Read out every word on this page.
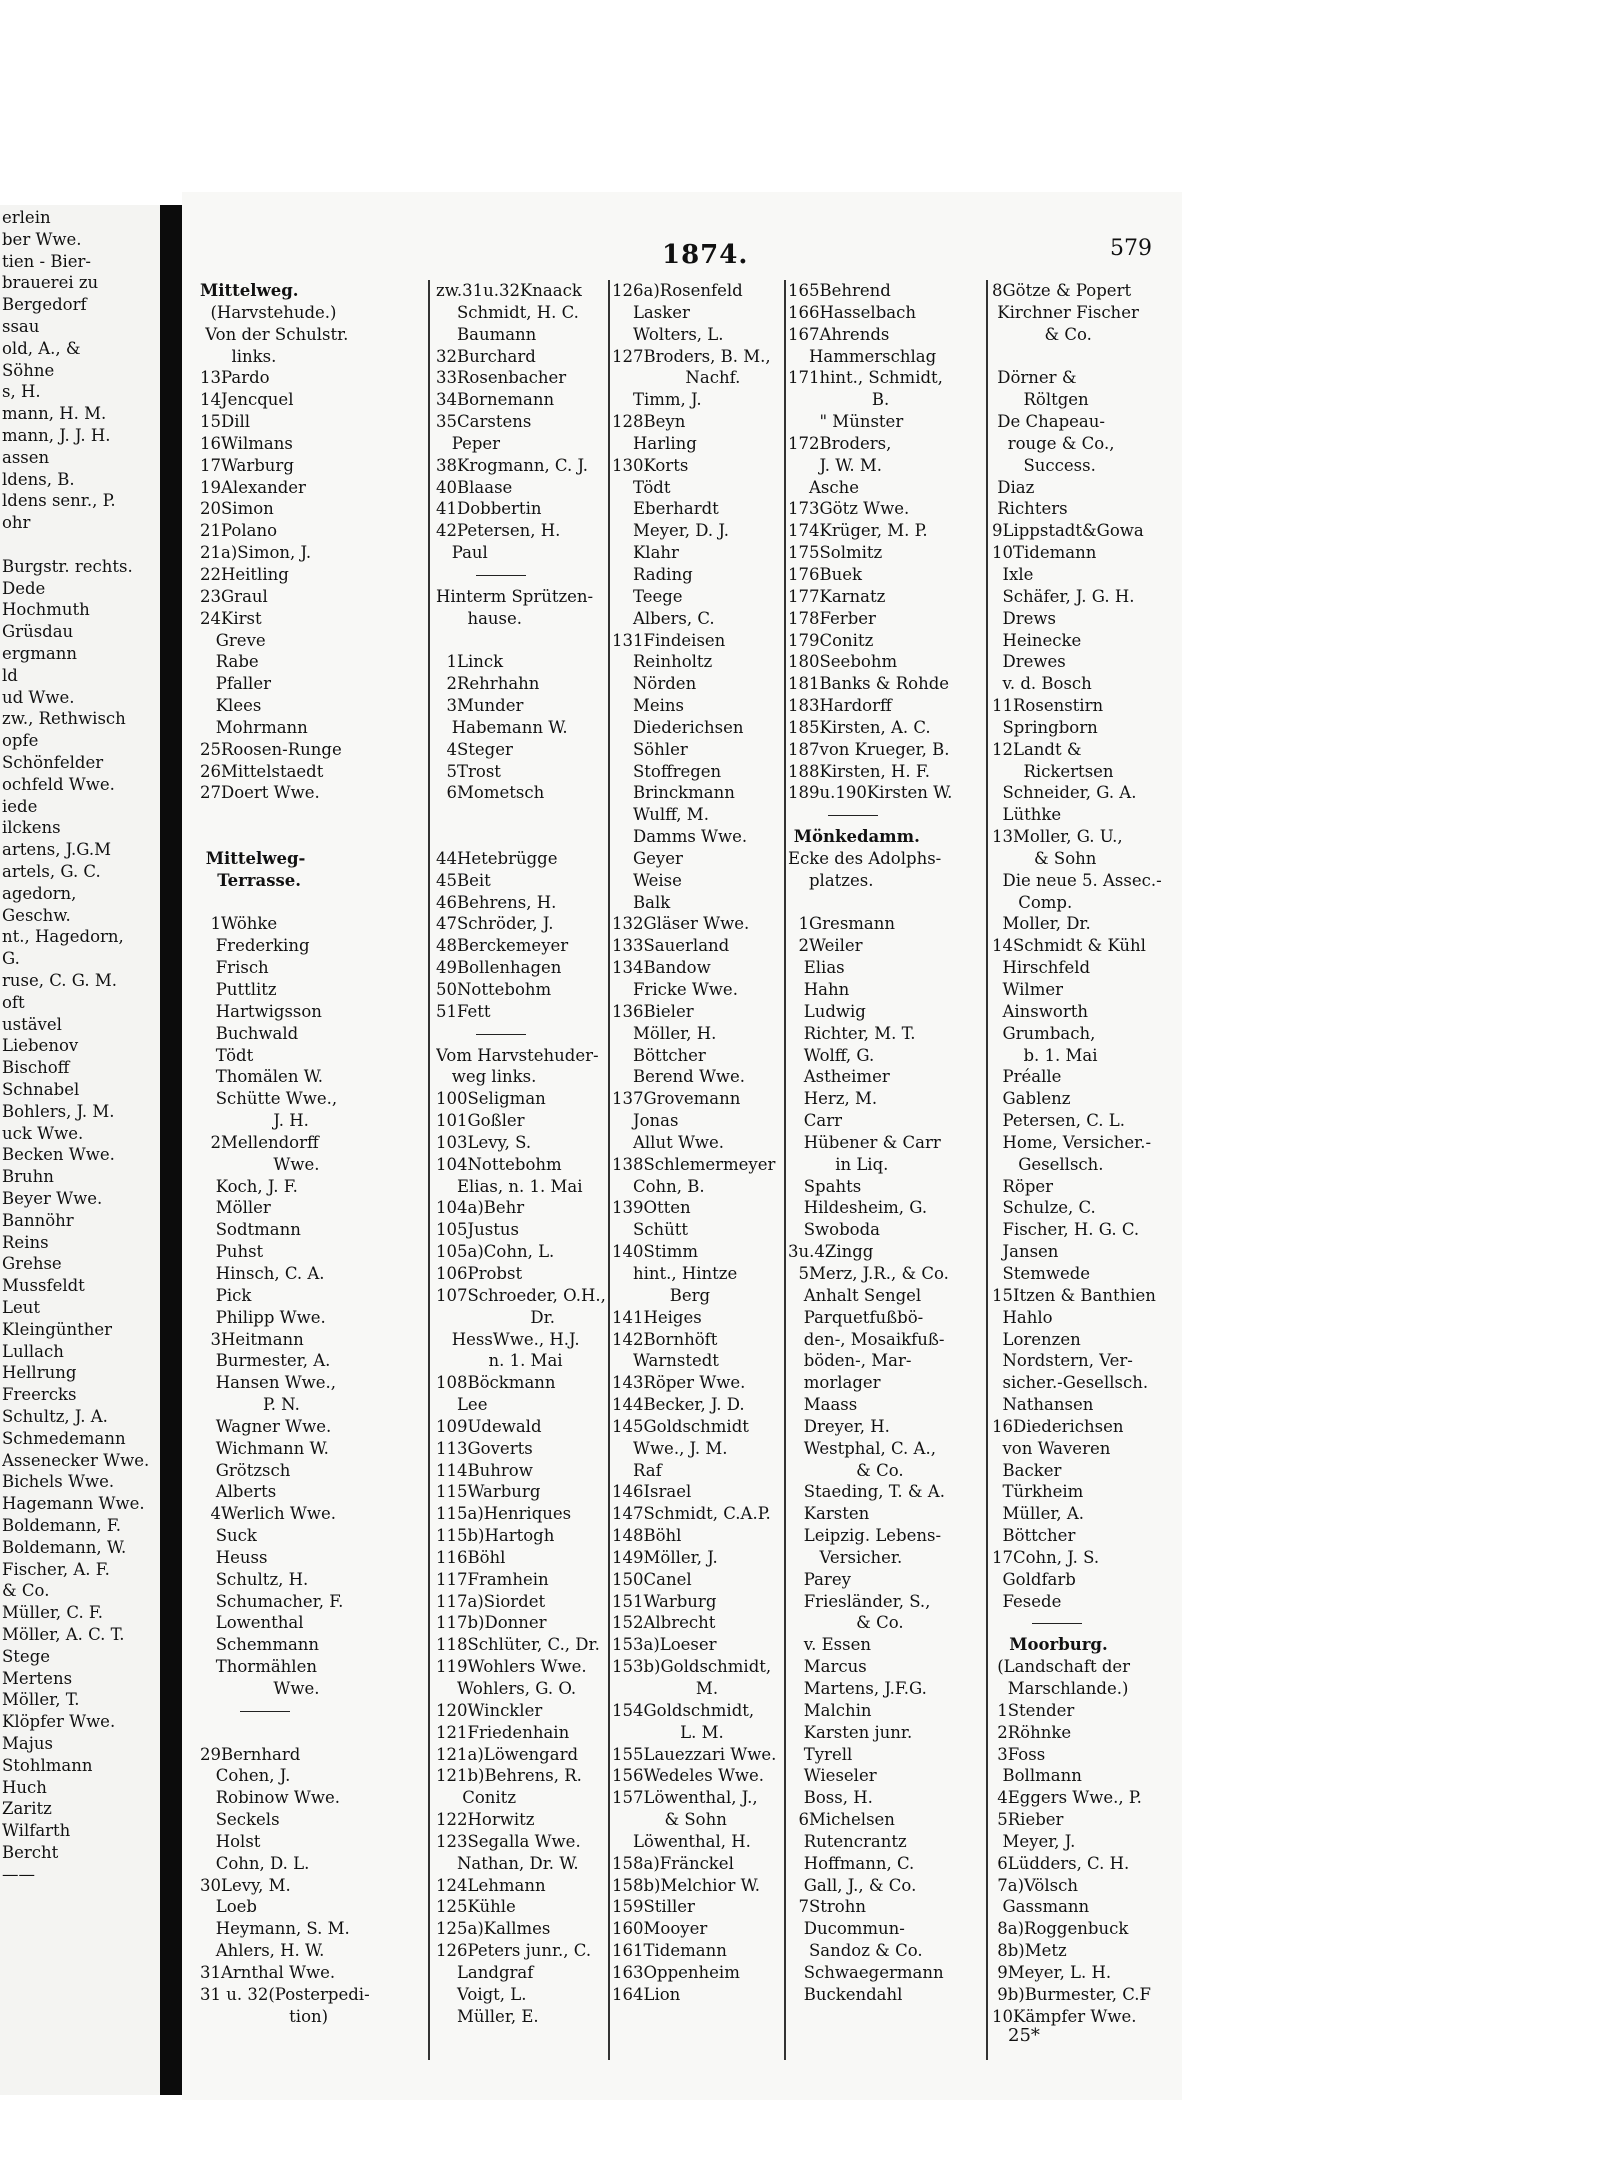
erlein
ber Wwe.
tien - Bier-
brauerei zu
Bergedorf
ssau
old, A., &
Söhne
s, H.
mann, H. M.
mann, J. J. H.
assen
ldens, B.
ldens senr., P.
ohr
Burgstr. rechts.
Dede
Hochmuth
Grüsdau
ergmann
ld
ud Wwe.
zw., Rethwisch
opfe
Schönfelder
ochfeld Wwe.
iede
ilckens
artens, J.G.M
artels, G. C.
agedorn,
Geschw.
nt., Hagedorn,
G.
ruse, C. G. M.
oft
ustävel
Liebenov
Bischoff
Schnabel
Bohlers, J. M.
uck Wwe.
Becken Wwe.
Bruhn
Beyer Wwe.
Bannöhr
Reins
Grehse
Mussfeldt
Leut
Kleingünther
Lullach
Hellrung
Freercks
Schultz, J. A.
Schmedemann
Assenecker Wwe.
Bichels Wwe.
Hagemann Wwe.
Boldemann, F.
Boldemann, W.
Fischer, A. F.
& Co.
Müller, C. F.
Möller, A. C. T.
Stege
Mertens
Möller, T.
Klöpfer Wwe.
Majus
Stohlmann
Huch
Zaritz
Wilfarth
Bercht
——
1874.	579
Mittelweg.
(Harvstehude.)
Von der Schulstr.
links.
13Pardo
14Jencquel
15Dill
16Wilmans
17Warburg
19Alexander
20Simon
21Polano
21a)Simon, J.
22Heitling
23Graul
24Kirst
Greve
Rabe
Pfaller
Klees
Mohrmann
25Roosen-Runge
26Mittelstaedt
27Doert Wwe.

Mittelweg-
Terrasse.

1Wöhke
Frederking
Frisch
Puttlitz
Hartwigsson
Buchwald
Tödt
Thomälen W.
Schütte Wwe.,
J. H.
2Mellendorff
Wwe.
Koch, J. F.
Möller
Sodtmann
Puhst
Hinsch, C. A.
Pick
Philipp Wwe.
3Heitmann
Burmester, A.
Hansen Wwe.,
P. N.
Wagner Wwe.
Wichmann W.
Grötzsch
Alberts
4Werlich Wwe.
Suck
Heuss
Schultz, H.
Schumacher, F.
Lowenthal
Schemmann
Thormählen
Wwe.

29Bernhard
Cohen, J.
Robinow Wwe.
Seckels
Holst
Cohn, D. L.
30Levy, M.
Loeb
Heymann, S. M.
Ahlers, H. W.
31Arnthal Wwe.
31 u. 32(Posterpedi-
tion)
zw.31u.32Knaack
Schmidt, H. C.
Baumann
32Burchard
33Rosenbacher
34Bornemann
35Carstens
Peper
38Krogmann, C. J.
40Blaase
41Dobbertin
42Petersen, H.
Paul

Hinterm Sprützen-
hause.

1Linck
2Rehrhahn
3Munder
Habemann W.
4Steger
5Trost
6Mometsch

44Hetebrügge
45Beit
46Behrens, H.
47Schröder, J.
48Berckemeyer
49Bollenhagen
50Nottebohm
51Fett

Vom Harvstehuder-
weg links.
100Seligman
101Goßler
103Levy, S.
104Nottebohm
Elias, n. 1. Mai
104a)Behr
105Justus
105a)Cohn, L.
106Probst
107Schroeder, O.H.,
Dr.
HessWwe., H.J.
n. 1. Mai
108Böckmann
Lee
109Udewald
113Goverts
114Buhrow
115Warburg
115a)Henriques
115b)Hartogh
116Böhl
117Framhein
117a)Siordet
117b)Donner
118Schlüter, C., Dr.
119Wohlers Wwe.
Wohlers, G. O.
120Winckler
121Friedenhain
121a)Löwengard
121b)Behrens, R.
Conitz
122Horwitz
123Segalla Wwe.
Nathan, Dr. W.
124Lehmann
125Kühle
125a)Kallmes
126Peters junr., C.
Landgraf
Voigt, L.
Müller, E.
126a)Rosenfeld
Lasker
Wolters, L.
127Broders, B. M.,
Nachf.
Timm, J.
128Beyn
Harling
130Korts
Tödt
Eberhardt
Meyer, D. J.
Klahr
Rading
Teege
Albers, C.
131Findeisen
Reinholtz
Nörden
Meins
Diederichsen
Söhler
Stoffregen
Brinckmann
Wulff, M.
Damms Wwe.
Geyer
Weise
Balk
132Gläser Wwe.
133Sauerland
134Bandow
Fricke Wwe.
136Bieler
Möller, H.
Böttcher
Berend Wwe.
137Grovemann
Jonas
Allut Wwe.
138Schlemermeyer
Cohn, B.
139Otten
Schütt
140Stimm
hint., Hintze
Berg
141Heiges
142Bornhöft
Warnstedt
143Röper Wwe.
144Becker, J. D.
145Goldschmidt
Wwe., J. M.
Raf
146Israel
147Schmidt, C.A.P.
148Böhl
149Möller, J.
150Canel
151Warburg
152Albrecht
153a)Loeser
153b)Goldschmidt,
M.
154Goldschmidt,
L. M.
155Lauezzari Wwe.
156Wedeles Wwe.
157Löwenthal, J.,
& Sohn
Löwenthal, H.
158a)Fränckel
158b)Melchior W.
159Stiller
160Mooyer
161Tidemann
163Oppenheim
164Lion
165Behrend
166Hasselbach
167Ahrends
Hammerschlag
171hint., Schmidt,
B.
" Münster
172Broders,
J. W. M.
Asche
173Götz Wwe.
174Krüger, M. P.
175Solmitz
176Buek
177Karnatz
178Ferber
179Conitz
180Seebohm
181Banks & Rohde
183Hardorff
185Kirsten, A. C.
187von Krueger, B.
188Kirsten, H. F.
189u.190Kirsten W.

Mönkedamm.
Ecke des Adolphs-
platzes.

1Gresmann
2Weiler
Elias
Hahn
Ludwig
Richter, M. T.
Wolff, G.
Astheimer
Herz, M.
Carr
Hübener & Carr
in Liq.
Spahts
Hildesheim, G.
Swoboda
3u.4Zingg
5Merz, J.R., & Co.
Anhalt Sengel
Parquetfußbö-
den-, Mosaikfuß-
böden-, Mar-
morlager
Maass
Dreyer, H.
Westphal, C. A.,
& Co.
Staeding, T. & A.
Karsten
Leipzig. Lebens-
Versicher.
Parey
Friesländer, S.,
& Co.
v. Essen
Marcus
Martens, J.F.G.
Malchin
Karsten junr.
Tyrell
Wieseler
Boss, H.
6Michelsen
Rutencrantz
Hoffmann, C.
Gall, J., & Co.
7Strohn
Ducommun-
Sandoz & Co.
Schwaegermann
Buckendahl
8Götze & Popert
Kirchner Fischer
& Co.

Dörner &
Röltgen
De Chapeau-
rouge & Co.,
Success.
Diaz
Richters
9Lippstadt&Gowa
10Tidemann
Ixle
Schäfer, J. G. H.
Drews
Heinecke
Drewes
v. d. Bosch
11Rosenstirn
Springborn
12Landt &
Rickertsen
Schneider, G. A.
Lüthke
13Moller, G. U.,
& Sohn
Die neue 5. Assec.-
Comp.
Moller, Dr.
14Schmidt & Kühl
Hirschfeld
Wilmer
Ainsworth
Grumbach,
b. 1. Mai
Préalle
Gablenz
Petersen, C. L.
Home, Versicher.-
Gesellsch.
Röper
Schulze, C.
Fischer, H. G. C.
Jansen
Stemwede
15Itzen & Banthien
Hahlo
Lorenzen
Nordstern, Ver-
sicher.-Gesellsch.
Nathansen
16Diederichsen
von Waveren
Backer
Türkheim
Müller, A.
Böttcher
17Cohn, J. S.
Goldfarb
Fesede

Moorburg.
(Landschaft der
Marschlande.)
1Stender
2Röhnke
3Foss
Bollmann
4Eggers Wwe., P.
5Rieber
Meyer, J.
6Lüdders, C. H.
7a)Völsch
Gassmann
8a)Roggenbuck
8b)Metz
9Meyer, L. H.
9b)Burmester, C.F
10Kämpfer Wwe.
25*
